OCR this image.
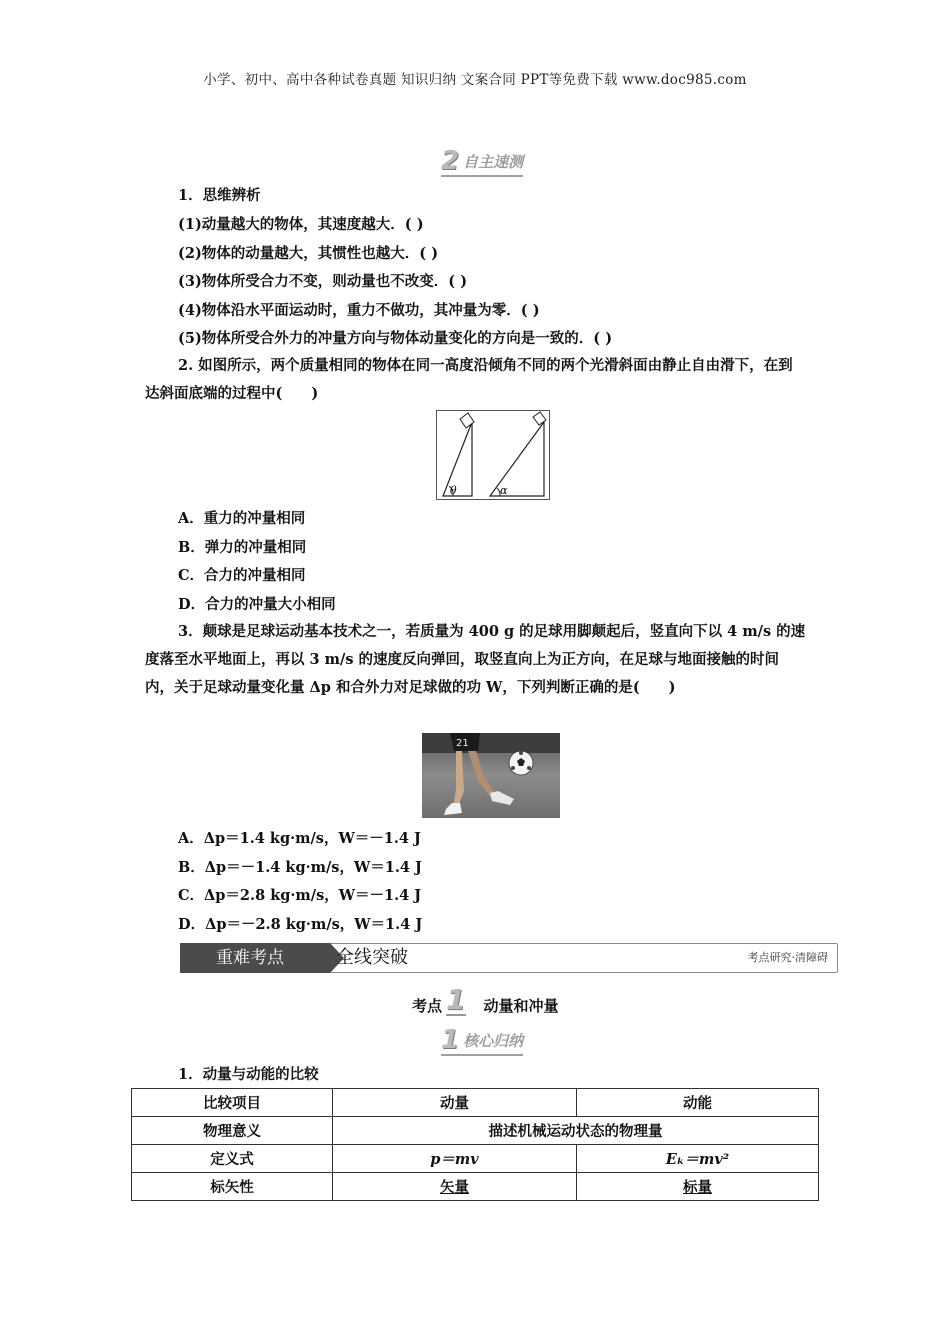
小学、初中、高中各种试卷真题 知识归纳 文案合同 PPT等免费下载 www.doc985.com
2 自主速测
1．思维辨析
(1)动量越大的物体，其速度越大．( )
(2)物体的动量越大，其惯性也越大．( )
(3)物体所受合力不变，则动量也不改变．( )
(4)物体沿水平面运动时，重力不做功，其冲量为零．( )
(5)物体所受合外力的冲量方向与物体动量变化的方向是一致的．( )
2. 如图所示，两个质量相同的物体在同一高度沿倾角不同的两个光滑斜面由静止自由滑下，在到达斜面底端的过程中(　　)
θ	α
A．重力的冲量相同
B．弹力的冲量相同
C．合力的冲量相同
D．合力的冲量大小相同
3．颠球是足球运动基本技术之一，若质量为 400 g 的足球用脚颠起后，竖直向下以 4 m/s 的速度落至水平地面上，再以 3 m/s 的速度反向弹回，取竖直向上为正方向，在足球与地面接触的时间内，关于足球动量变化量 Δp 和合外力对足球做的功 W，下列判断正确的是(　　)
21
A．Δp＝1.4 kg·m/s，W＝－1.4 J
B．Δp＝－1.4 kg·m/s，W＝1.4 J
C．Δp＝2.8 kg·m/s，W＝－1.4 J
D．Δp＝－2.8 kg·m/s，W＝1.4 J
重难考点	全线突破	考点研究·清障碍
考点 1 动量和冲量
1 核心归纳
1．动量与动能的比较
比较项目	动量	动能
物理意义	描述机械运动状态的物理量	
定义式	p＝mv	Eₖ＝mv²
标矢性	矢量	标量
